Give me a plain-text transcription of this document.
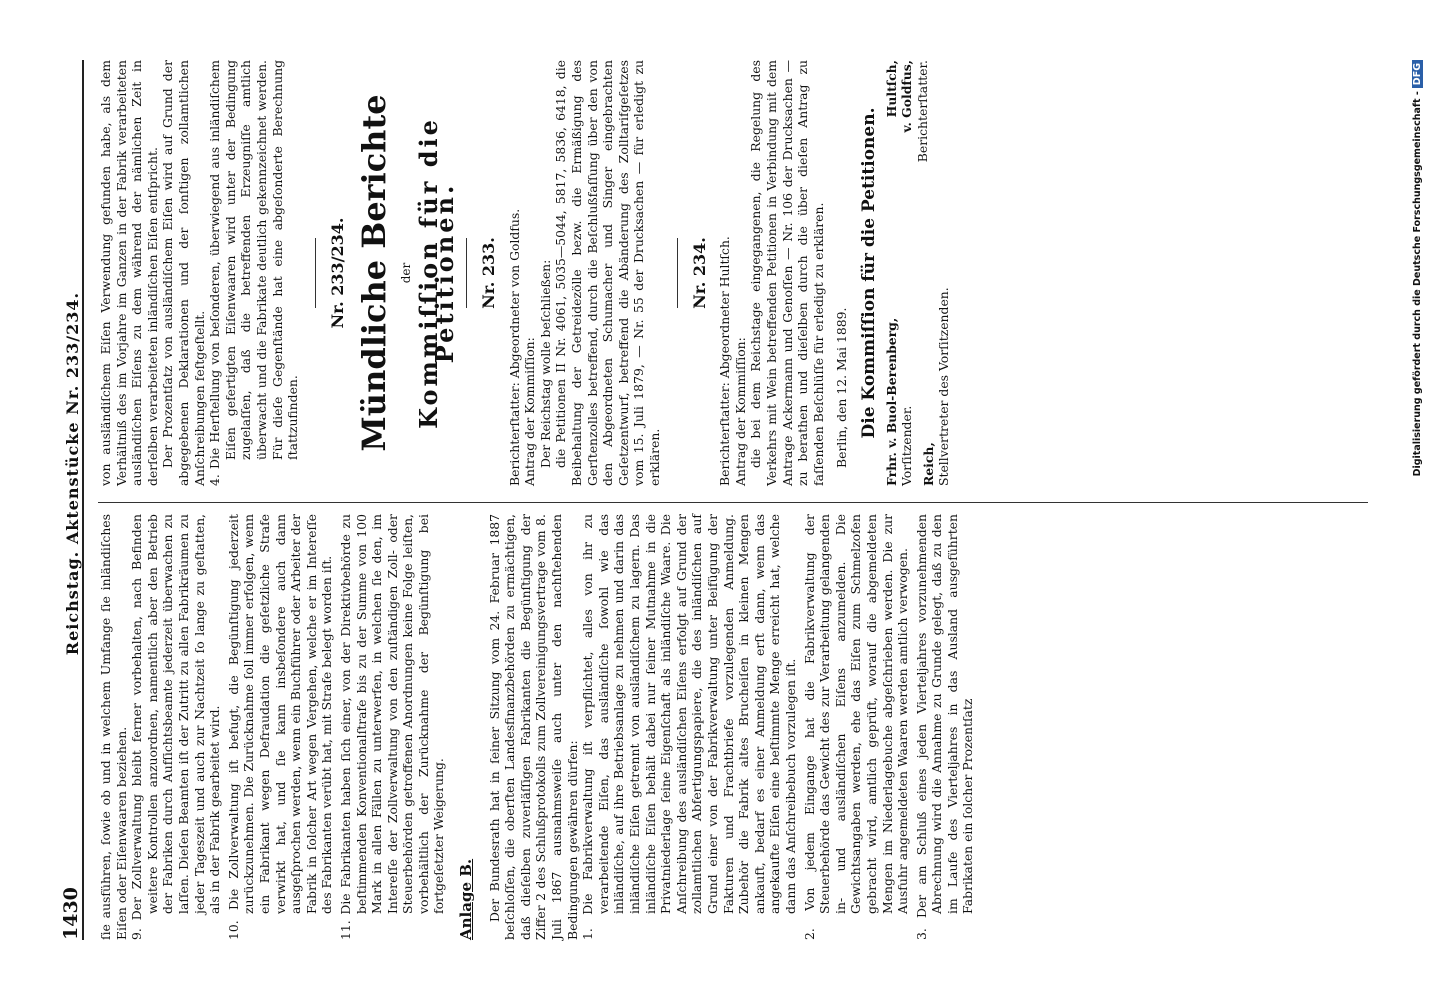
1430
Reichstag. Aktenstücke Nr. 233/234.

ſie ausführen, ſowie ob und in welchem Umfange ſie inländiſches Eiſen oder Eiſenwaaren beziehen. 9. Der Zollverwaltung bleibt ferner vorbehalten, nach Befinden weitere Kontrollen anzuordnen, namentlich aber den Betrieb der Fabriken durch Aufſichtsbeamte jederzeit überwachen zu laſſen. Dieſen Beamten iſt der Zutritt zu allen Fabrikräumen zu jeder Tageszeit und auch zur Nachtzeit ſo lange zu geſtatten, als in der Fabrik gearbeitet wird.

10. Die Zollverwaltung iſt befugt, die Begünſtigung jederzeit zurückzunehmen. Die Zurücknahme ſoll immer erfolgen, wenn ein Fabrikant wegen Defraudation die geſetzliche Strafe verwirkt hat, und ſie kann insbeſondere auch dann ausgeſprochen werden, wenn ein Buchführer oder Arbeiter der Fabrik in ſolcher Art wegen Vergehen, welche er im Intereſſe des Fabrikanten verübt hat, mit Strafe belegt worden iſt.

11. Die Fabrikanten haben ſich einer, von der Direktivbehörde zu beſtimmenden Konventionalſtrafe bis zu der Summe von 100 Mark in allen Fällen zu unterwerfen, in welchen ſie den, im Intereſſe der Zollverwaltung von den zuſtändigen Zoll- oder Steuerbehörden getroffenen Anordnungen keine Folge leiſten, vorbehältlich der Zurücknahme der Begünſtigung bei fortgeſetzter Weigerung. Anlage B. Der Bundesrath hat in ſeiner Sitzung vom 24. Februar 1887 beſchloſſen, die oberſten Landesfinanzbehörden zu ermächtigen, daß dieſelben zuverläſſigen Fabrikanten die Begünſtigung der Ziffer 2 des Schlußprotokolls zum Zollvereinigungsvertrage vom 8. Juli 1867 ausnahmsweiſe auch unter den nachſtehenden Bedingungen gewähren dürfen: 1. Die Fabrikverwaltung iſt verpflichtet, alles von ihr zu verarbeitende Eiſen, das ausländiſche ſowohl wie das inländiſche, auf ihre Betriebsanlage zu nehmen und darin das inländiſche Eiſen getrennt von ausländiſchem zu lagern. Das inländiſche Eiſen behält dabei nur ſeiner Mutnahme in die Privatniederlage ſeine Eigenſchaft als inländiſche Waare. Die Anſchreibung des ausländiſchen Eiſens erfolgt auf Grund der zollamtlichen Abfertigungspapiere, die des inländiſchen auf Grund einer von der Fabrikverwaltung unter Beifügung der Fakturen und Frachtbriefe vorzulegenden Anmeldung. Zubehör die Fabrik altes Brucheiſen in kleinen Mengen ankauft, bedarf es einer Anmeldung erſt dann, wenn das angekaufte Eiſen eine beſtimmte Menge erreicht hat, welche dann das Anſchreibebuch vorzulegen iſt.

2. Von jedem Eingange hat die Fabrikverwaltung der Steuerbehörde das Gewicht des zur Verarbeitung gelangenden in- und ausländiſchen Eiſens anzumelden. Die Gewichtsangaben werden, ehe das Eiſen zum Schmelzofen gebracht wird, amtlich geprüft, worauf die abgemeldeten Mengen im Niederlagebuche abgeſchrieben werden. Die zur Ausfuhr angemeldeten Waaren werden amtlich verwogen.

3. Der am Schluß eines jeden Vierteljahres vorzunehmenden Abrechnung wird die Annahme zu Grunde gelegt, daß zu den im Laufe des Vierteljahres in das Ausland ausgeführten Fabrikaten ein ſolcher Prozentſatz

von ausländiſchem Eiſen Verwendung gefunden habe, als dem Verhältniß des im Vorjahre im Ganzen in der Fabrik verarbeiteten ausländiſchen Eiſens zu dem während der nämlichen Zeit in derſelben verarbeiteten inländiſchen Eiſen entſpricht. Der Prozentſatz von ausländiſchem Eiſen wird auf Grund der abgegebenen Deklarationen und der ſonſtigen zollamtlichen Anſchreibungen feſtgeſtellt. 4. Die Herſtellung von beſonderen, überwiegend aus inländiſchem Eiſen gefertigten Eiſenwaaren wird unter der Bedingung zugelaſſen, daß die betreffenden Erzeugniſſe amtlich überwacht und die Fabrikate deutlich gekennzeichnet werden. Für dieſe Gegenſtände hat eine abgeſonderte Berechnung ſtattzufinden.

Nr. 233/234. Mündliche Berichte der Kommiſſion für die Petitionen. Nr. 233. Berichterſtatter: Abgeordneter von Goldfus. Antrag der Kommiſſion: Der Reichstag wolle beſchließen: die Petitionen II Nr. 4061, 5035—5044, 5817, 5836, 6418, die Beibehaltung der Getreidezölle bezw. die Ermäßigung des Gerſtenzolles betreffend, durch die Beſchlußfaſſung über den von den Abgeordneten Schumacher und Singer eingebrachten Geſetzentwurf, betreffend die Abänderung des Zolltarifgeſetzes vom 15. Juli 1879, — Nr. 55 der Drucksachen — für erledigt zu erklären.

Nr. 234. Berichterſtatter: Abgeordneter Hultſch. Antrag der Kommiſſion: die bei dem Reichstage eingegangenen, die Regelung des Verkehrs mit Wein betreffenden Petitionen in Verbindung mit dem Antrage Ackermann und Genoſſen — Nr. 106 der Drucksachen — zu berathen und dieſelben durch die über dieſen Antrag zu faſſenden Beſchlüſſe für erledigt zu erklären. Berlin, den 12. Mai 1889. Die Kommiſſion für die Petitionen. Frhr. v. Buol-Berenberg, Vorſitzender. Reich, Stellvertreter des Vorſitzenden.
Hultſch, v. Goldfus, Berichterſtatter.	Digitalisierung gefördert durch die Deutsche Forschungsgemeinschaft -DFG
